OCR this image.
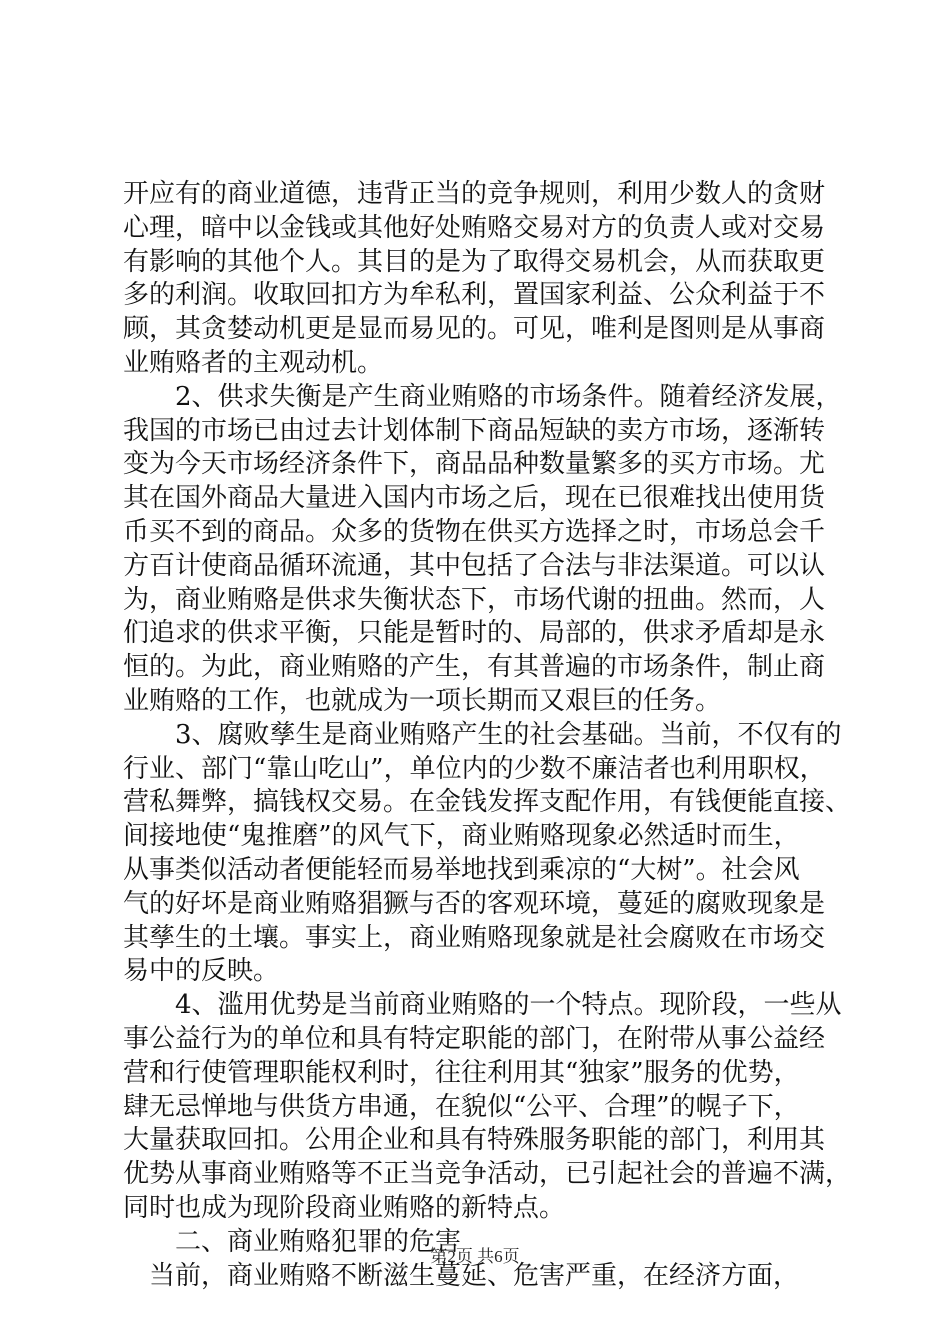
开应有的商业道德，违背正当的竞争规则，利用少数人的贪财
心理，暗中以金钱或其他好处贿赂交易对方的负责人或对交易
有影响的其他个人。其目的是为了取得交易机会，从而获取更
多的利润。收取回扣方为牟私利，置国家利益、公众利益于不
顾，其贪婪动机更是显而易见的。可见，唯利是图则是从事商
业贿赂者的主观动机。
　　2、供求失衡是产生商业贿赂的市场条件。随着经济发展，
我国的市场已由过去计划体制下商品短缺的卖方市场，逐渐转
变为今天市场经济条件下，商品品种数量繁多的买方市场。尤
其在国外商品大量进入国内市场之后，现在已很难找出使用货
币买不到的商品。众多的货物在供买方选择之时，市场总会千
方百计使商品循环流通，其中包括了合法与非法渠道。可以认
为，商业贿赂是供求失衡状态下，市场代谢的扭曲。然而，人
们追求的供求平衡，只能是暂时的、局部的，供求矛盾却是永
恒的。为此，商业贿赂的产生，有其普遍的市场条件，制止商
业贿赂的工作，也就成为一项长期而又艰巨的任务。
　　3、腐败孳生是商业贿赂产生的社会基础。当前，不仅有的
行业、部门“靠山吃山”，单位内的少数不廉洁者也利用职权，
营私舞弊，搞钱权交易。在金钱发挥支配作用，有钱便能直接、
间接地使“鬼推磨”的风气下，商业贿赂现象必然适时而生，
从事类似活动者便能轻而易举地找到乘凉的“大树”。社会风
气的好坏是商业贿赂猖獗与否的客观环境，蔓延的腐败现象是
其孳生的土壤。事实上，商业贿赂现象就是社会腐败在市场交
易中的反映。
　　4、滥用优势是当前商业贿赂的一个特点。现阶段，一些从
事公益行为的单位和具有特定职能的部门，在附带从事公益经
营和行使管理职能权利时，往往利用其“独家”服务的优势，
肆无忌惮地与供货方串通，在貌似“公平、合理”的幌子下，
大量获取回扣。公用企业和具有特殊服务职能的部门，利用其
优势从事商业贿赂等不正当竞争活动，已引起社会的普遍不满，
同时也成为现阶段商业贿赂的新特点。
　　二、商业贿赂犯罪的危害
　当前，商业贿赂不断滋生蔓延、危害严重，在经济方面，
第2页 共6页
